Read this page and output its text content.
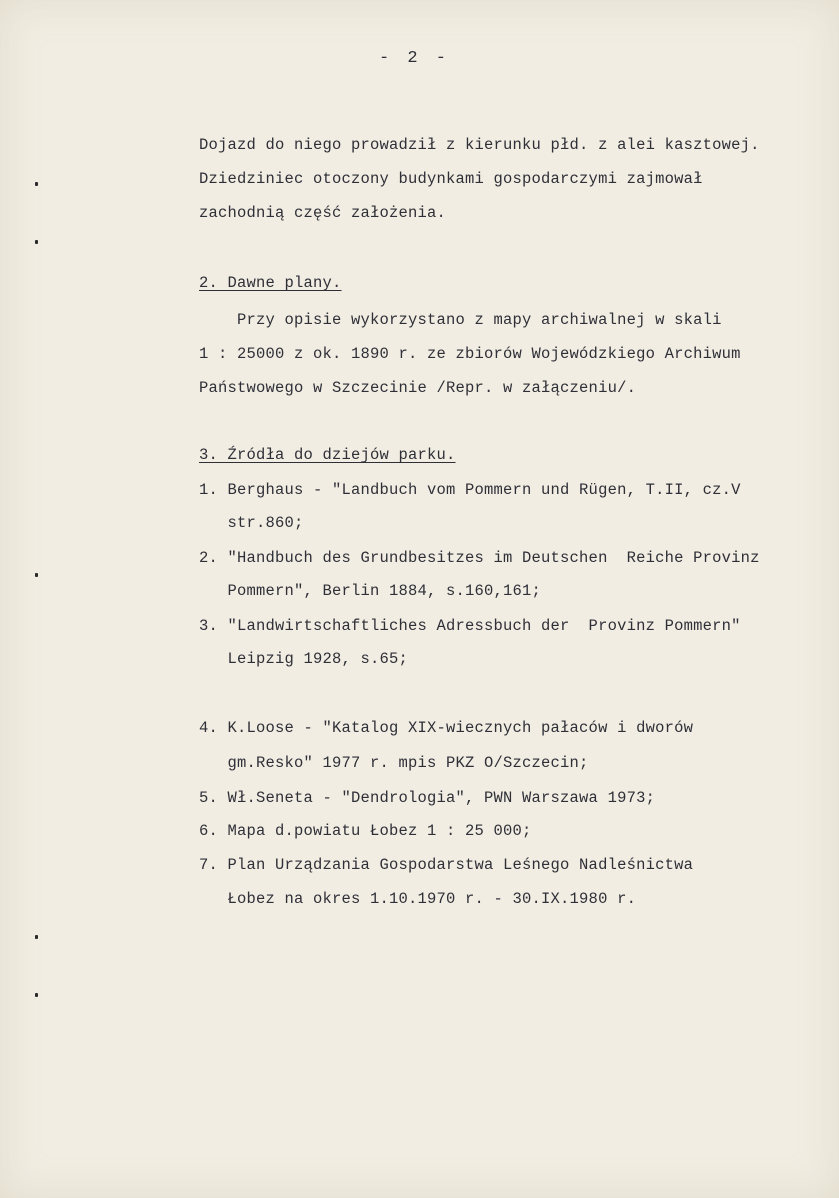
- 2 -
Dojazd do niego prowadził z kierunku płd. z alei kasztowej.
Dziedziniec otoczony budynkami gospodarczymi zajmował
zachodnią część założenia.
2. Dawne plany.
Przy opisie wykorzystano z mapy archiwalnej w skali
1 : 25000 z ok. 1890 r. ze zbiorów Wojewódzkiego Archiwum
Państwowego w Szczecinie /Repr. w załączeniu/.
3. Źródła do dziejów parku.
1. Berghaus - "Landbuch vom Pommern und Rügen, T.II, cz.V
str.860;
2. "Handbuch des Grundbesitzes im Deutschen  Reiche Provinz
Pommern", Berlin 1884, s.160,161;
3. "Landwirtschaftliches Adressbuch der  Provinz Pommern"
Leipzig 1928, s.65;
4. K.Loose - "Katalog XIX-wiecznych pałaców i dworów
gm.Resko" 1977 r. mpis PKZ O/Szczecin;
5. Wł.Seneta - "Dendrologia", PWN Warszawa 1973;
6. Mapa d.powiatu Łobez 1 : 25 000;
7. Plan Urządzania Gospodarstwa Leśnego Nadleśnictwa
Łobez na okres 1.10.1970 r. - 30.IX.1980 r.
